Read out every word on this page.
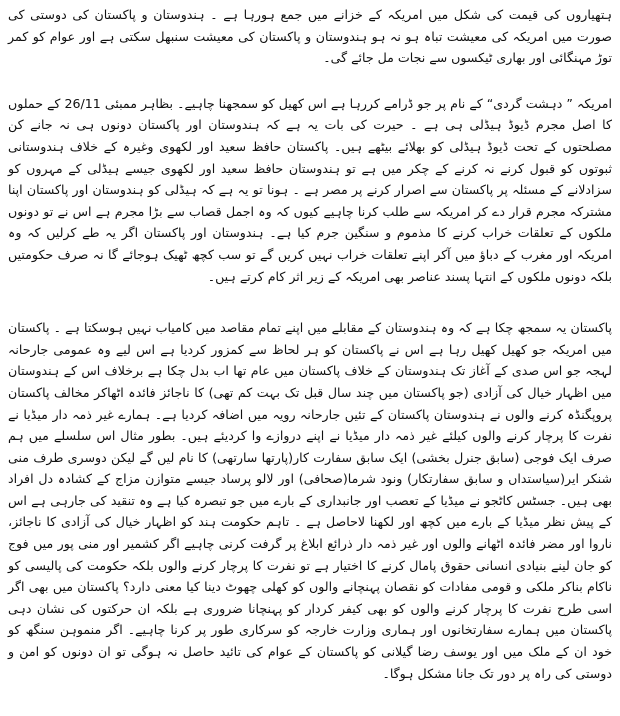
ہتھیاروں کی قیمت کی شکل میں امریکہ کے خزانے میں جمع ہورہا ہے ۔ ہندوستان و پاکستان کی دوستی کی صورت میں امریکہ کی معیشت تباہ ہو نہ ہو ہندوستان و پاکستان کی معیشت سنبھل سکتی ہے اور عوام کو کمر توڑ مہنگائی اور بھاری ٹیکسوں سے نجات مل جائے گی۔

امریکہ ” دہشت گردی“ کے نام پر جو ڈرامے کررہا ہے اس کھیل کو سمجھنا چاہیے۔ بظاہر ممبئی 26/11 کے حملوں کا اصل مجرم ڈیوڈ ہیڈلی ہی ہے ۔ حیرت کی بات یہ ہے کہ ہندوستان اور پاکستان دونوں ہی نہ جانے کن مصلحتوں کے تحت ڈیوڈ ہیڈلی کو بھلائے بیٹھے ہیں۔ پاکستان حافظ سعید اور لکھوی وغیرہ کے خلاف ہندوستانی ثبوتوں کو قبول کرنے نہ کرنے کے چکر میں ہے تو ہندوستان حافظ سعید اور لکھوی جیسے ہیڈلی کے مہروں کو سزادلانے کے مسئلہ پر پاکستان سے اصرار کرنے پر مصر ہے ۔ ہونا تو یہ ہے کہ ہیڈلی کو ہندوستان اور پاکستان اپنا مشترکہ مجرم قرار دے کر امریکہ سے طلب کرنا چاہیے کیوں کہ وہ اجمل قصاب سے بڑا مجرم ہے اس نے تو دونوں ملکوں کے تعلقات خراب کرنے کا مذموم و سنگین جرم کیا ہے۔ ہندوستان اور پاکستان اگر یہ طے کرلیں کہ وہ امریکہ اور مغرب کے دباؤ میں آکر اپنے تعلقات خراب نہیں کریں گے تو سب کچھ ٹھیک ہوجائے گا نہ صرف حکومتیں بلکہ دونوں ملکوں کے انتہا پسند عناصر بھی امریکہ کے زیر اثر کام کرتے ہیں۔

پاکستان یہ سمجھ چکا ہے کہ وہ ہندوستان کے مقابلے میں اپنے تمام مقاصد میں کامیاب نہیں ہوسکتا ہے ۔ پاکستان میں امریکہ جو کھیل کھیل رہا ہے اس نے پاکستان کو ہر لحاظ سے کمزور کردیا ہے اس لیے وہ عمومی جارحانہ لہجہ جو اس صدی کے آغاز تک ہندوستان کے خلاف پاکستان میں عام تھا اب بدل چکا ہے برخلاف اس کے ہندوستان میں اظہار خیال کی آزادی (جو پاکستان میں چند سال قبل تک بہت کم تھی) کا ناجائز فائدہ اٹھاکر مخالف پاکستان پروپگنڈہ کرنے والوں نے ہندوستان پاکستان کے تئیں جارحانہ رویہ میں اضافہ کردیا ہے۔ ہمارے غیر ذمہ دار میڈیا نے نفرت کا پرچار کرنے والوں کیلئے غیر ذمہ دار میڈیا نے اپنے دروازے وا کردیئے ہیں۔ بطور مثال اس سلسلے میں ہم صرف ایک فوجی (سابق جنرل بخشی) ایک سابق سفارت کار(پارتھا سارتھی) کا نام لیں گے لیکن دوسری طرف منی شنکر ایر(سیاستداں و سابق سفارتکار) ونود شرما(صحافی) اور لالو پرساد جیسے متوازن مزاج کے کشادہ دل افراد بھی ہیں۔ جسٹس کاٹجو نے میڈیا کے تعصب اور جانبداری کے بارے میں جو تبصرہ کیا ہے وہ تنقید کی جارہی ہے اس کے پیش نظر میڈیا کے بارے میں کچھ اور لکھنا لاحاصل ہے ۔ تاہم حکومت ہند کو اظہار خیال کی آزادی کا ناجائز، ناروا اور مضر فائدہ اٹھانے والوں اور غیر ذمہ دار ذرائع ابلاغ پر گرفت کرنی چاہیے اگر کشمیر اور منی پور میں فوج کو جان لینے بنیادی انسانی حقوق پامال کرنے کا اختیار ہے تو نفرت کا پرچار کرنے والوں بلکہ حکومت کی پالیسی کو ناکام بناکر ملکی و قومی مفادات کو نقصان پہنچانے والوں کو کھلی چھوٹ دینا کیا معنی دارد؟ پاکستان میں بھی اگر اسی طرح نفرت کا پرچار کرنے والوں کو بھی کیفر کردار کو پہنچانا ضروری ہے بلکہ ان حرکتوں کی نشان دہی پاکستان میں ہمارے سفارتخانوں اور ہماری وزارت خارجہ کو سرکاری طور پر کرنا چاہیے۔ اگر منموہن سنگھ کو خود ان کے ملک میں اور یوسف رضا گیلانی کو پاکستان کے عوام کی تائید حاصل نہ ہوگی تو ان دونوں کو امن و دوستی کی راہ پر دور تک جانا مشکل ہوگا۔
